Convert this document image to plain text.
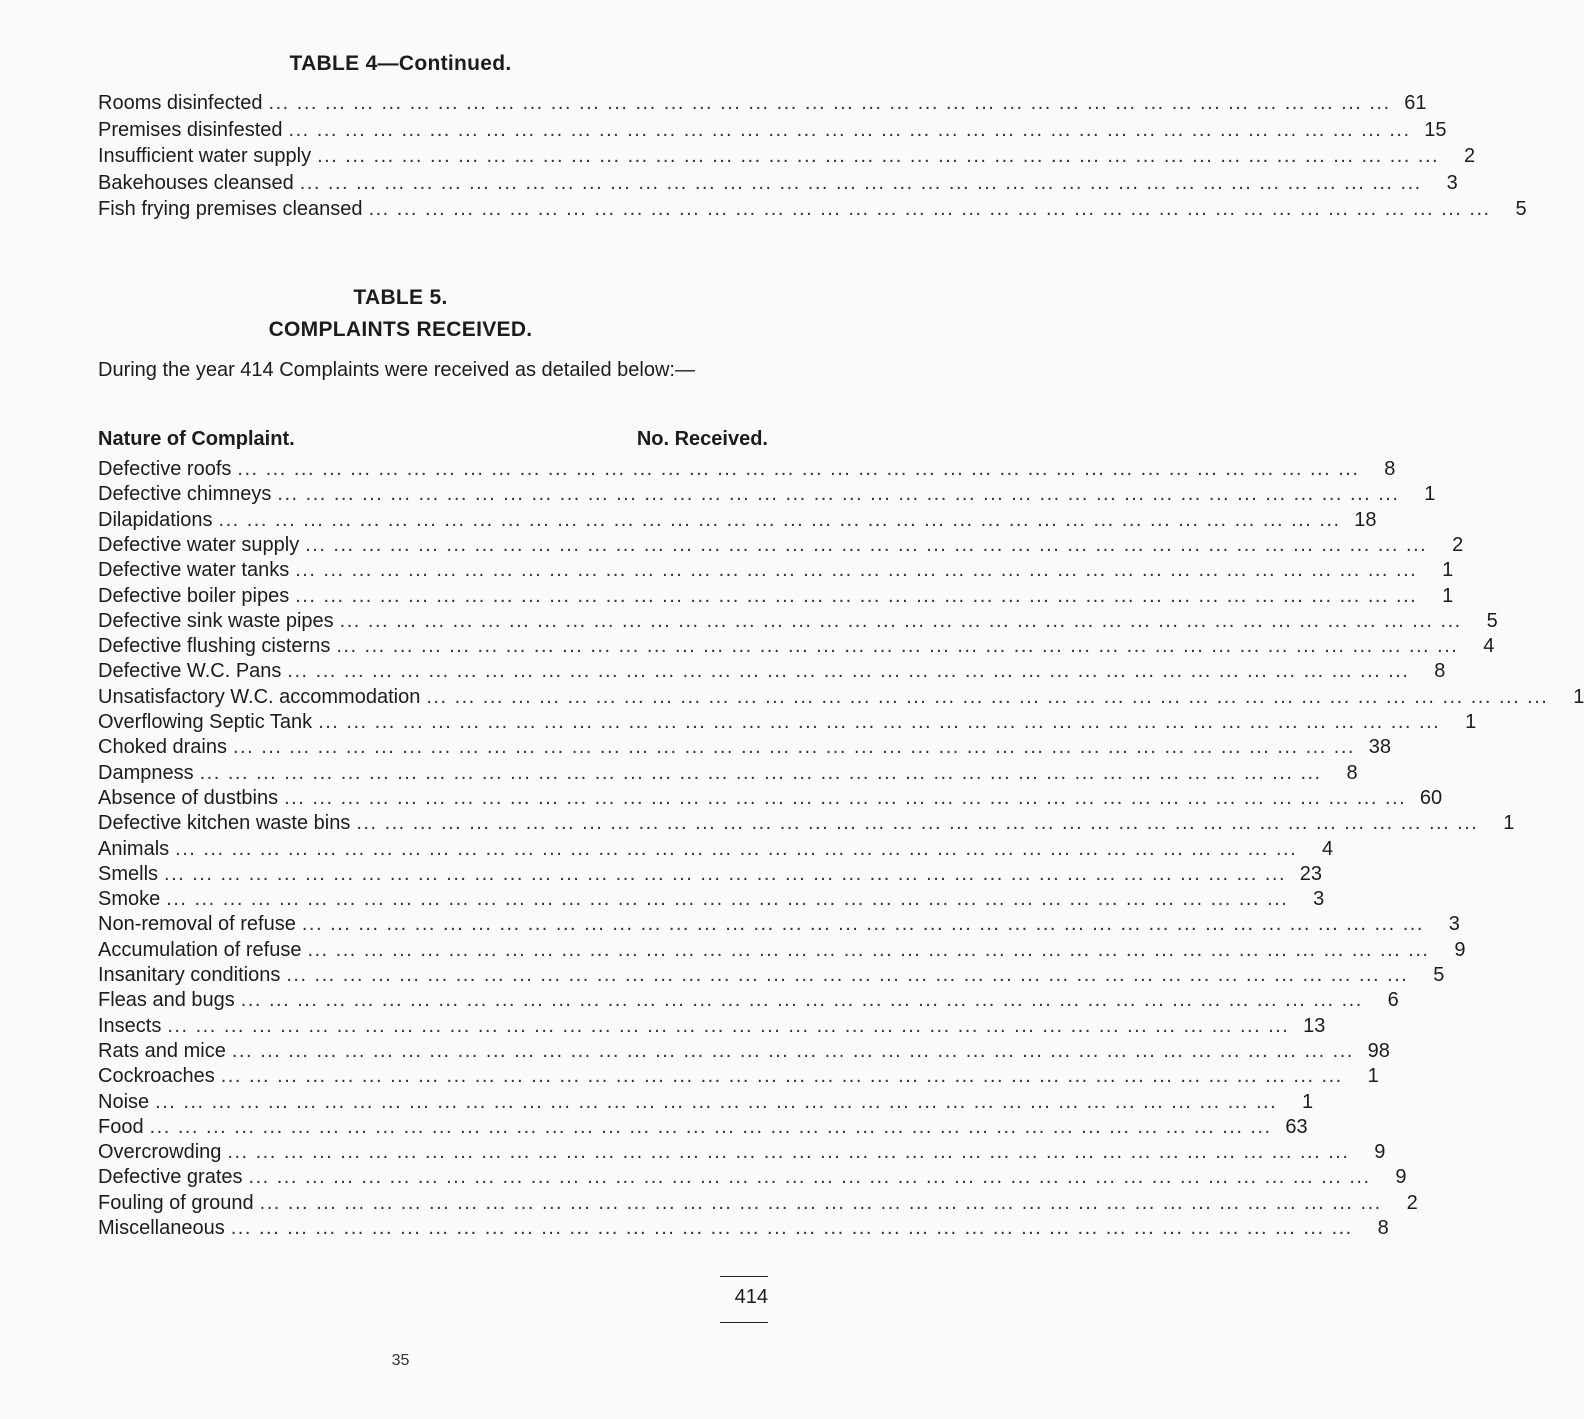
TABLE 4—Continued.
Rooms disinfected ... ... ... ... ... ... ... ... ... ... ... ... ... ... ... ... ... ... ... ... ... ... ... ... ... ... ... ... ... ... ... ... ... ... ... ... ... ... ... ... 61
Premises disinfested ... ... ... ... ... ... ... ... ... ... ... ... ... ... ... ... ... ... ... ... ... ... ... ... ... ... ... ... ... ... ... ... ... ... ... ... ... ... ... ... 15
Insufficient water supply ... ... ... ... ... ... ... ... ... ... ... ... ... ... ... ... ... ... ... ... ... ... ... ... ... ... ... ... ... ... ... ... ... ... ... ... ... ... ... ...	2
Bakehouses cleansed ... ... ... ... ... ... ... ... ... ... ... ... ... ... ... ... ... ... ... ... ... ... ... ... ... ... ... ... ... ... ... ... ... ... ... ... ... ... ... ...	3
Fish frying premises cleansed ... ... ... ... ... ... ... ... ... ... ... ... ... ... ... ... ... ... ... ... ... ... ... ... ... ... ... ... ... ... ... ... ... ... ... ... ... ... ... ...	5
TABLE 5.
COMPLAINTS RECEIVED.
During the year 414 Complaints were received as detailed below:—
Nature of Complaint.	No. Received.
Defective roofs ... ... ... ... ... ... ... ... ... ... ... ... ... ... ... ... ... ... ... ... ... ... ... ... ... ... ... ... ... ... ... ... ... ... ... ... ... ... ... ...	8
Defective chimneys ... ... ... ... ... ... ... ... ... ... ... ... ... ... ... ... ... ... ... ... ... ... ... ... ... ... ... ... ... ... ... ... ... ... ... ... ... ... ... ...	1
Dilapidations ... ... ... ... ... ... ... ... ... ... ... ... ... ... ... ... ... ... ... ... ... ... ... ... ... ... ... ... ... ... ... ... ... ... ... ... ... ... ... ... 18
Defective water supply ... ... ... ... ... ... ... ... ... ... ... ... ... ... ... ... ... ... ... ... ... ... ... ... ... ... ... ... ... ... ... ... ... ... ... ... ... ... ... ...	2
Defective water tanks ... ... ... ... ... ... ... ... ... ... ... ... ... ... ... ... ... ... ... ... ... ... ... ... ... ... ... ... ... ... ... ... ... ... ... ... ... ... ... ...	1
Defective boiler pipes ... ... ... ... ... ... ... ... ... ... ... ... ... ... ... ... ... ... ... ... ... ... ... ... ... ... ... ... ... ... ... ... ... ... ... ... ... ... ... ...	1
Defective sink waste pipes ... ... ... ... ... ... ... ... ... ... ... ... ... ... ... ... ... ... ... ... ... ... ... ... ... ... ... ... ... ... ... ... ... ... ... ... ... ... ... ...	5
Defective flushing cisterns ... ... ... ... ... ... ... ... ... ... ... ... ... ... ... ... ... ... ... ... ... ... ... ... ... ... ... ... ... ... ... ... ... ... ... ... ... ... ... ...	4
Defective W.C. Pans ... ... ... ... ... ... ... ... ... ... ... ... ... ... ... ... ... ... ... ... ... ... ... ... ... ... ... ... ... ... ... ... ... ... ... ... ... ... ... ...	8
Unsatisfactory W.C. accommodation ... ... ... ... ... ... ... ... ... ... ... ... ... ... ... ... ... ... ... ... ... ... ... ... ... ... ... ... ... ... ... ... ... ... ... ... ... ... ... ...	1
Overflowing Septic Tank ... ... ... ... ... ... ... ... ... ... ... ... ... ... ... ... ... ... ... ... ... ... ... ... ... ... ... ... ... ... ... ... ... ... ... ... ... ... ... ...	1
Choked drains ... ... ... ... ... ... ... ... ... ... ... ... ... ... ... ... ... ... ... ... ... ... ... ... ... ... ... ... ... ... ... ... ... ... ... ... ... ... ... ... 38
Dampness ... ... ... ... ... ... ... ... ... ... ... ... ... ... ... ... ... ... ... ... ... ... ... ... ... ... ... ... ... ... ... ... ... ... ... ... ... ... ... ...	8
Absence of dustbins ... ... ... ... ... ... ... ... ... ... ... ... ... ... ... ... ... ... ... ... ... ... ... ... ... ... ... ... ... ... ... ... ... ... ... ... ... ... ... ... 60
Defective kitchen waste bins ... ... ... ... ... ... ... ... ... ... ... ... ... ... ... ... ... ... ... ... ... ... ... ... ... ... ... ... ... ... ... ... ... ... ... ... ... ... ... ...	1
Animals ... ... ... ... ... ... ... ... ... ... ... ... ... ... ... ... ... ... ... ... ... ... ... ... ... ... ... ... ... ... ... ... ... ... ... ... ... ... ... ...	4
Smells ... ... ... ... ... ... ... ... ... ... ... ... ... ... ... ... ... ... ... ... ... ... ... ... ... ... ... ... ... ... ... ... ... ... ... ... ... ... ... ... 23
Smoke ... ... ... ... ... ... ... ... ... ... ... ... ... ... ... ... ... ... ... ... ... ... ... ... ... ... ... ... ... ... ... ... ... ... ... ... ... ... ... ...	3
Non-removal of refuse ... ... ... ... ... ... ... ... ... ... ... ... ... ... ... ... ... ... ... ... ... ... ... ... ... ... ... ... ... ... ... ... ... ... ... ... ... ... ... ...	3
Accumulation of refuse ... ... ... ... ... ... ... ... ... ... ... ... ... ... ... ... ... ... ... ... ... ... ... ... ... ... ... ... ... ... ... ... ... ... ... ... ... ... ... ...	9
Insanitary conditions ... ... ... ... ... ... ... ... ... ... ... ... ... ... ... ... ... ... ... ... ... ... ... ... ... ... ... ... ... ... ... ... ... ... ... ... ... ... ... ...	5
Fleas and bugs ... ... ... ... ... ... ... ... ... ... ... ... ... ... ... ... ... ... ... ... ... ... ... ... ... ... ... ... ... ... ... ... ... ... ... ... ... ... ... ...	6
Insects ... ... ... ... ... ... ... ... ... ... ... ... ... ... ... ... ... ... ... ... ... ... ... ... ... ... ... ... ... ... ... ... ... ... ... ... ... ... ... ... 13
Rats and mice ... ... ... ... ... ... ... ... ... ... ... ... ... ... ... ... ... ... ... ... ... ... ... ... ... ... ... ... ... ... ... ... ... ... ... ... ... ... ... ... 98
Cockroaches ... ... ... ... ... ... ... ... ... ... ... ... ... ... ... ... ... ... ... ... ... ... ... ... ... ... ... ... ... ... ... ... ... ... ... ... ... ... ... ...	1
Noise ... ... ... ... ... ... ... ... ... ... ... ... ... ... ... ... ... ... ... ... ... ... ... ... ... ... ... ... ... ... ... ... ... ... ... ... ... ... ... ...	1
Food ... ... ... ... ... ... ... ... ... ... ... ... ... ... ... ... ... ... ... ... ... ... ... ... ... ... ... ... ... ... ... ... ... ... ... ... ... ... ... ... 63
Overcrowding ... ... ... ... ... ... ... ... ... ... ... ... ... ... ... ... ... ... ... ... ... ... ... ... ... ... ... ... ... ... ... ... ... ... ... ... ... ... ... ...	9
Defective grates ... ... ... ... ... ... ... ... ... ... ... ... ... ... ... ... ... ... ... ... ... ... ... ... ... ... ... ... ... ... ... ... ... ... ... ... ... ... ... ...	9
Fouling of ground ... ... ... ... ... ... ... ... ... ... ... ... ... ... ... ... ... ... ... ... ... ... ... ... ... ... ... ... ... ... ... ... ... ... ... ... ... ... ... ...	2
Miscellaneous ... ... ... ... ... ... ... ... ... ... ... ... ... ... ... ... ... ... ... ... ... ... ... ... ... ... ... ... ... ... ... ... ... ... ... ... ... ... ... ...	8
414
35
